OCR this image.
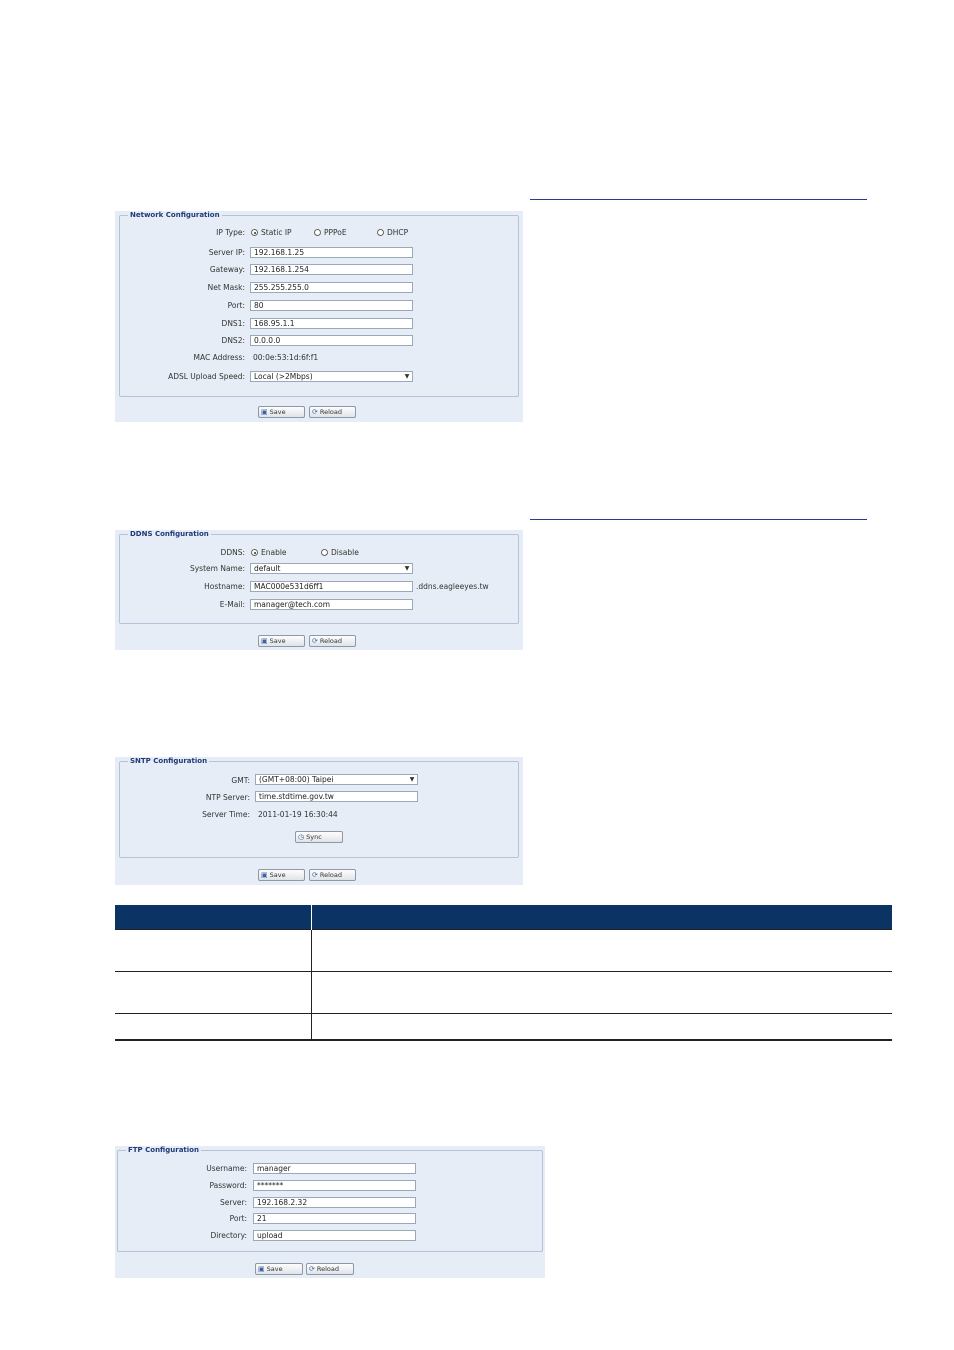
Network Configuration
IP Type:	Static IP	PPPoE	DHCP
Server IP:	192.168.1.25
Gateway:	192.168.1.254
Net Mask:	255.255.255.0
Port:	80
DNS1:	168.95.1.1
DNS2:	0.0.0.0
MAC Address: 00:0e:53:1d:6f:f1
ADSL Upload Speed:	Local (>2Mbps)	▼
▣ Save	⟳ Reload
DDNS Configuration
DDNS:	Enable	Disable
System Name:	default	▼
Hostname:	MAC000e531d6ff1	.ddns.eagleeyes.tw
E-Mail:	manager@tech.com
▣ Save	⟳ Reload
SNTP Configuration
GMT:	(GMT+08:00) Taipei	▼
NTP Server:	time.stdtime.gov.tw
Server Time: 2011-01-19 16:30:44
◷ Sync
▣ Save	⟳ Reload

FTP Configuration
Username:	manager
Password:	*******
Server:	192.168.2.32
Port:	21
Directory:	upload
▣ Save	⟳ Reload
